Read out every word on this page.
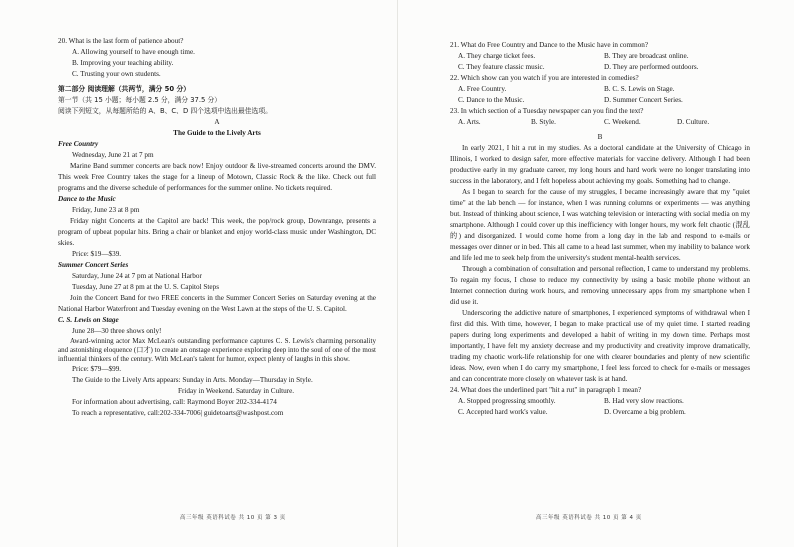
20. What is the last form of patience about?

A. Allowing yourself to have enough time.

B. Improving your teaching ability.

C. Trusting your own students.

第二部分 阅读理解（共两节，满分 50 分）

第一节（共 15 小题；每小题 2.5 分，满分 37.5 分）

阅读下列短文，从每题所给的 A、B、C、D 四个选项中选出最佳选项。

A

The Guide to the Lively Arts

Free Country

Wednesday, June 21 at 7 pm

Marine Band summer concerts are back now! Enjoy outdoor & live-streamed concerts around the DMV. This week Free Country takes the stage for a lineup of Motown, Classic Rock & the like. Check out full programs and the diverse schedule of performances for the summer online. No tickets required.

Dance to the Music

Friday, June 23 at 8 pm

Friday night Concerts at the Capitol are back! This week, the pop/rock group, Downrange, presents a program of upbeat popular hits. Bring a chair or blanket and enjoy world-class music under Washington, DC skies.

Price: $19—$39.

Summer Concert Series

Saturday, June 24 at 7 pm at National Harbor

Tuesday, June 27 at 8 pm at the U. S. Capitol Steps

Join the Concert Band for two FREE concerts in the Summer Concert Series on Saturday evening at the National Harbor Waterfront and Tuesday evening on the West Lawn at the steps of the U. S. Capitol.

C. S. Lewis on Stage

June 28—30 three shows only!

Award-winning actor Max McLean's outstanding performance captures C. S. Lewis's charming personality and astonishing eloquence (口才) to create an onstage experience exploring deep into the soul of one of the most influential thinkers of the century. With McLean's talent for humor, expect plenty of laughs in this show.

Price: $79—$99.

The Guide to the Lively Arts appears: Sunday in Arts. Monday—Thursday in Style.

Friday in Weekend. Saturday in Culture.

For information about advertising, call: Raymond Boyer 202-334-4174

To reach a representative, call:202-334-7006| guidetoarts@washpost.com

高三年级 英语科试卷 共 10 页 第 3 页

21. What do Free Country and Dance to the Music have in common?

A. They charge ticket fees.	B. They are broadcast online.
C. They feature classic music.	D. They are performed outdoors.

22. Which show can you watch if you are interested in comedies?

A. Free Country.	B. C. S. Lewis on Stage.
C. Dance to the Music.	D. Summer Concert Series.

23. In which section of a Tuesday newspaper can you find the text?

A. Arts.	B. Style.	C. Weekend.	D. Culture.

B

In early 2021, I hit a rut in my studies. As a doctoral candidate at the University of Chicago in Illinois, I worked to design safer, more effective materials for vaccine delivery. Although I had been productive early in my graduate career, my long hours and hard work were no longer translating into success in the laboratory, and I felt hopeless about achieving my goals. Something had to change.

As I began to search for the cause of my struggles, I became increasingly aware that my "quiet time" at the lab bench — for instance, when I was running columns or experiments — was anything but. Instead of thinking about science, I was watching television or interacting with social media on my smartphone. Although I could cover up this inefficiency with longer hours, my work felt chaotic (混乱的) and disorganized. I would come home from a long day in the lab and respond to e-mails or messages over dinner or in bed. This all came to a head last summer, when my inability to balance work and life led me to seek help from the university's student mental-health services.

Through a combination of consultation and personal reflection, I came to understand my problems. To regain my focus, I chose to reduce my connectivity by using a basic mobile phone without an Internet connection during work hours, and removing unnecessary apps from my smartphone when I did use it.

Underscoring the addictive nature of smartphones, I experienced symptoms of withdrawal when I first did this. With time, however, I began to make practical use of my quiet time. I started reading papers during long experiments and developed a habit of writing in my down time. Perhaps most importantly, I have felt my anxiety decrease and my productivity and creativity improve dramatically, trading my chaotic work-life relationship for one with clearer boundaries and plenty of new scientific ideas. Now, even when I do carry my smartphone, I feel less forced to check for e-mails or messages and can concentrate more closely on whatever task is at hand.

24. What does the underlined part "hit a rut" in paragraph 1 mean?

A. Stopped progressing smoothly.	B. Had very slow reactions.
C. Accepted hard work's value.	D. Overcame a big problem.
高三年级 英语科试卷 共 10 页 第 4 页
